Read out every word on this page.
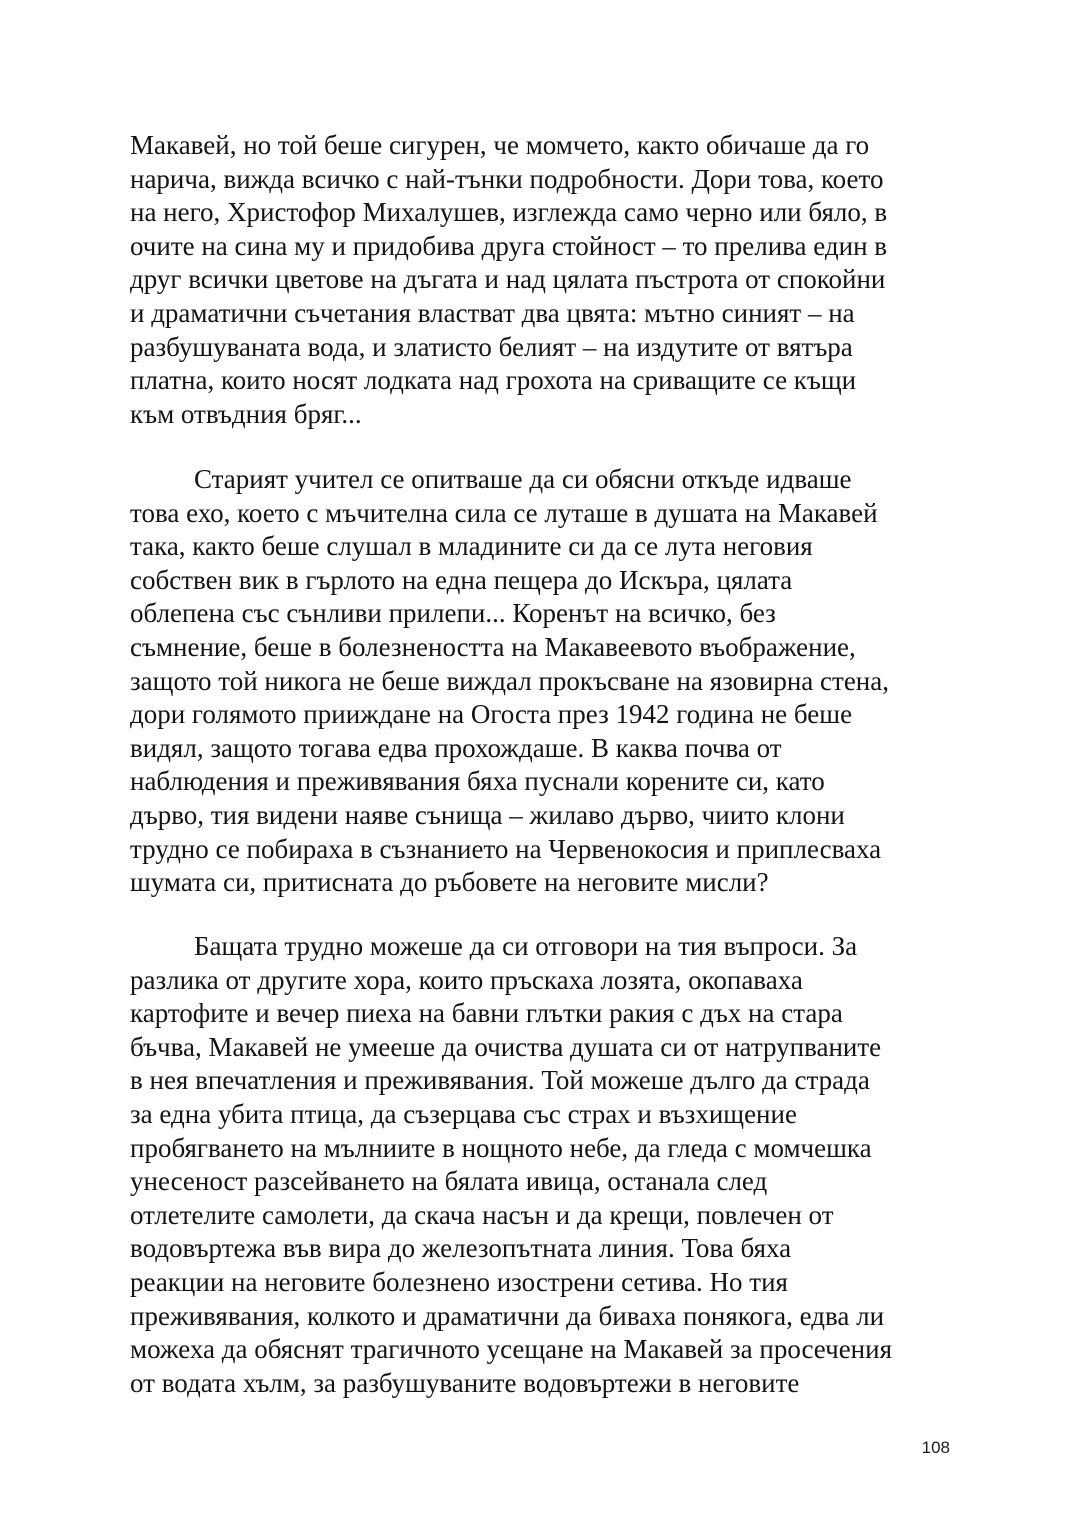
Макавей, но той беше сигурен, че момчето, както обичаше да го
нарича, вижда всичко с най-тънки подробности. Дори това, което
на него, Христофор Михалушев, изглежда само черно или бяло, в
очите на сина му и придобива друга стойност – то прелива един в
друг всички цветове на дъгата и над цялата пъстрота от спокойни
и драматични съчетания властват два цвята: мътно синият – на
разбушуваната вода, и златисто белият – на издутите от вятъра
платна, които носят лодката над грохота на сриващите се къщи
към отвъдния бряг...
Старият учител се опитваше да си обясни откъде идваше
това ехо, което с мъчителна сила се луташе в душата на Макавей
така, както беше слушал в младините си да се лута неговия
собствен вик в гърлото на една пещера до Искъра, цялата
облепена със сънливи прилепи... Коренът на всичко, без
съмнение, беше в болезнеността на Макавеевото въображение,
защото той никога не беше виждал прокъсване на язовирна стена,
дори голямото прииждане на Огоста през 1942 година не беше
видял, защото тогава едва прохождаше. В каква почва от
наблюдения и преживявания бяха пуснали корените си, като
дърво, тия видени наяве сънища – жилаво дърво, чиито клони
трудно се побираха в съзнанието на Червенокосия и приплесваха
шумата си, притисната до ръбовете на неговите мисли?
Бащата трудно можеше да си отговори на тия въпроси. За
разлика от другите хора, които пръскаха лозята, окопаваха
картофите и вечер пиеха на бавни глътки ракия с дъх на стара
бъчва, Макавей не умееше да очиства душата си от натрупваните
в нея впечатления и преживявания. Той можеше дълго да страда
за една убита птица, да съзерцава със страх и възхищение
пробягването на мълниите в нощното небе, да гледа с момчешка
унесеност разсейването на бялата ивица, останала след
отлетелите самолети, да скача насън и да крещи, повлечен от
водовъртежа във вира до железопътната линия. Това бяха
реакции на неговите болезнено изострени сетива. Но тия
преживявания, колкото и драматични да биваха понякога, едва ли
можеха да обяснят трагичното усещане на Макавей за просечения
от водата хълм, за разбушуваните водовъртежи в неговите
108
